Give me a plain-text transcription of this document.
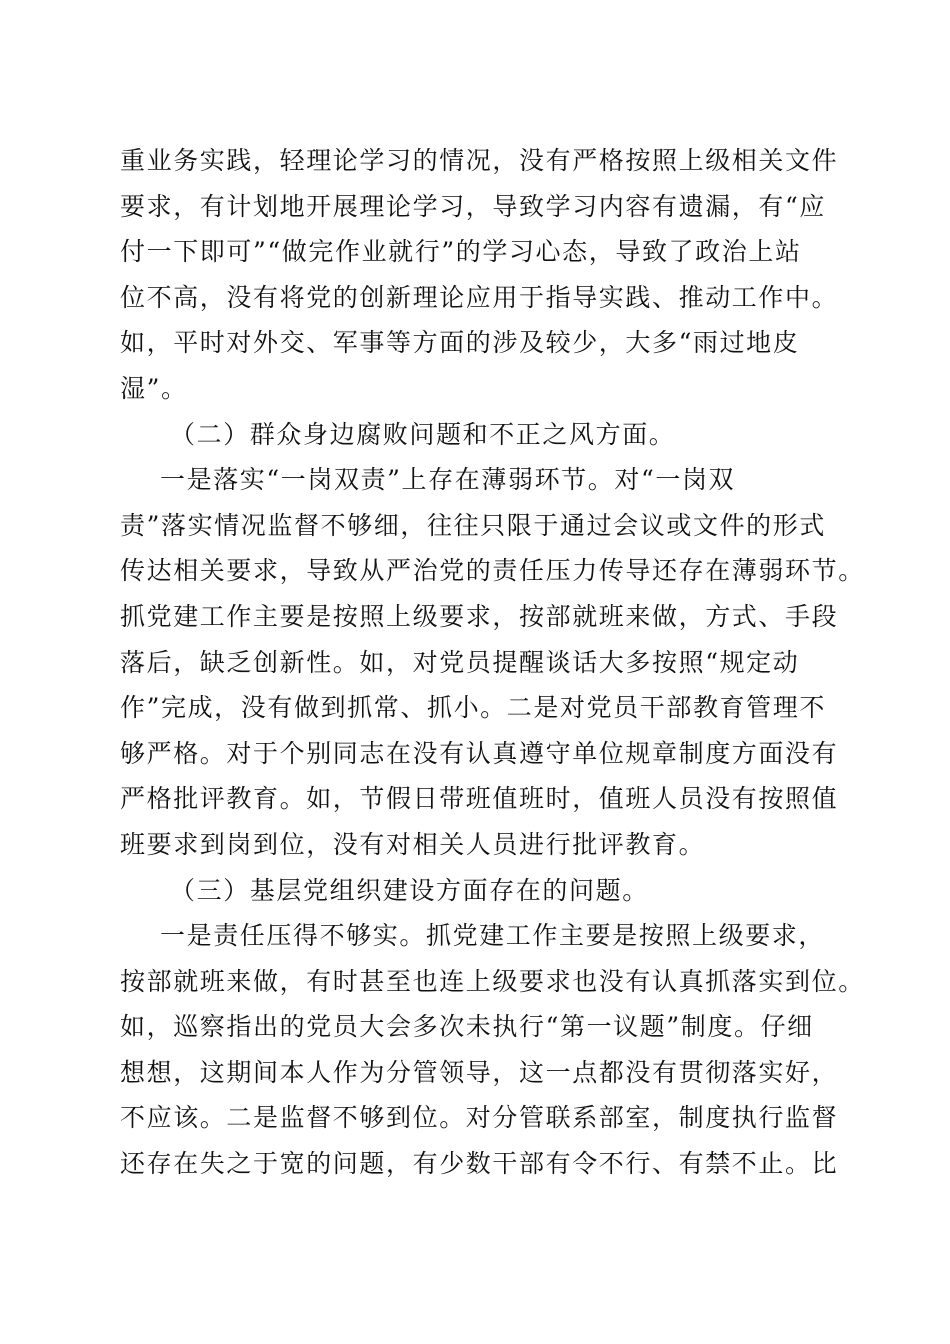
重业务实践，轻理论学习的情况，没有严格按照上级相关文件
要求，有计划地开展理论学习，导致学习内容有遗漏，有“应
付一下即可”“做完作业就行”的学习心态，导致了政治上站
位不高，没有将党的创新理论应用于指导实践、推动工作中。
如，平时对外交、军事等方面的涉及较少，大多“雨过地皮
湿”。
（二）群众身边腐败问题和不正之风方面。
一是落实“一岗双责”上存在薄弱环节。对“一岗双
责”落实情况监督不够细，往往只限于通过会议或文件的形式
传达相关要求，导致从严治党的责任压力传导还存在薄弱环节。
抓党建工作主要是按照上级要求，按部就班来做，方式、手段
落后，缺乏创新性。如，对党员提醒谈话大多按照“规定动
作”完成，没有做到抓常、抓小。二是对党员干部教育管理不
够严格。对于个别同志在没有认真遵守单位规章制度方面没有
严格批评教育。如，节假日带班值班时，值班人员没有按照值
班要求到岗到位，没有对相关人员进行批评教育。
（三）基层党组织建设方面存在的问题。
一是责任压得不够实。抓党建工作主要是按照上级要求，
按部就班来做，有时甚至也连上级要求也没有认真抓落实到位。
如，巡察指出的党员大会多次未执行“第一议题”制度。仔细
想想，这期间本人作为分管领导，这一点都没有贯彻落实好，
不应该。二是监督不够到位。对分管联系部室，制度执行监督
还存在失之于宽的问题，有少数干部有令不行、有禁不止。比
